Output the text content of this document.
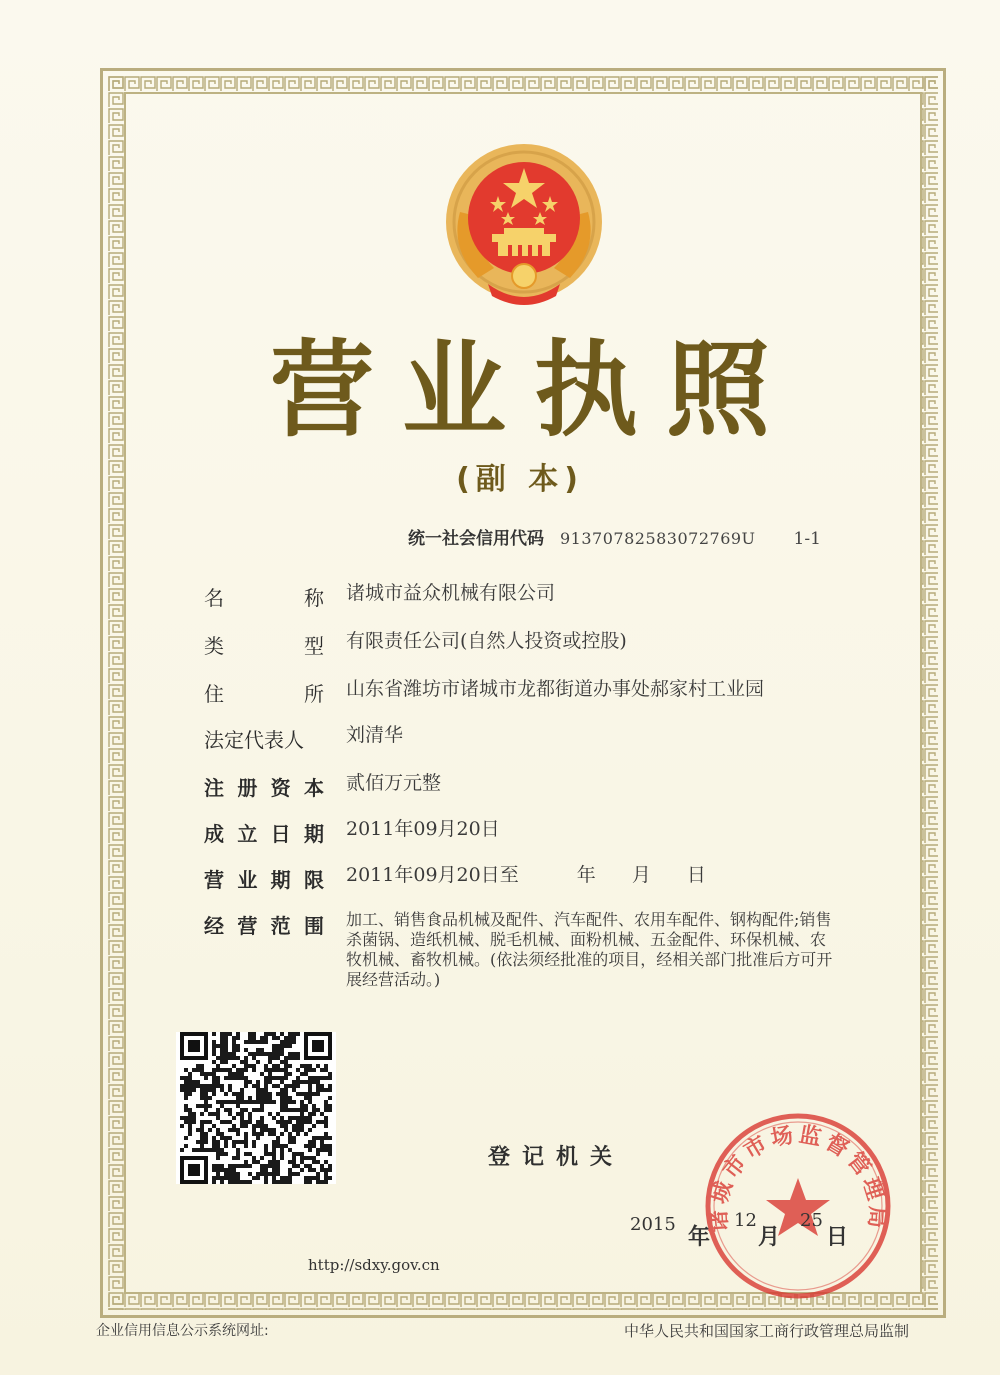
营 业 执 照
(副 本)
统一社会信用代码 91370782583072769U 1-1
名	称 诸城市益众机械有限公司
类	型 有限责任公司(自然人投资或控股)
住	所 山东省潍坊市诸城市龙都街道办事处郝家村工业园
法 定 代 表 人 刘清华
注 册 资 本 贰佰万元整
成 立 日 期 2011年09月20日
营 业 期 限 2011年09月20日至	年 月 日
经 营 范 围 加工、销售食品机械及配件、汽车配件、农用车配件、钢构配件;销售杀菌锅、造纸机械、脱毛机械、面粉机械、五金配件、环保机械、农牧机械、畜牧机械。(依法须经批准的项目，经相关部门批准后方可开展经营活动。)
登记机关
诸城市市场监督管理局
2015
年
12
月
25
日
http://sdxy.gov.cn
企业信用信息公示系统网址:	中华人民共和国国家工商行政管理总局监制
